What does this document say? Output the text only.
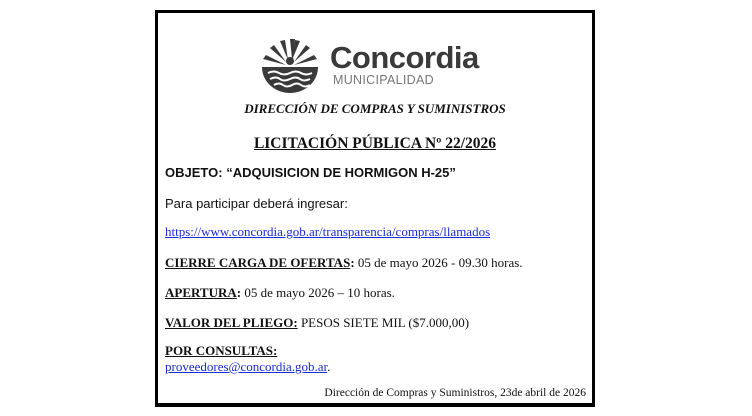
Concordia
MUNICIPALIDAD
DIRECCIÓN DE COMPRAS Y SUMINISTROS
LICITACIÓN PÚBLICA Nº 22/2026
OBJETO: “ADQUISICION DE HORMIGON H-25”
Para participar deberá ingresar:
https://www.concordia.gob.ar/transparencia/compras/llamados
CIERRE CARGA DE OFERTAS: 05 de mayo 2026 - 09.30 horas.
APERTURA: 05 de mayo 2026 – 10 horas.
VALOR DEL PLIEGO: PESOS SIETE MIL ($7.000,00)
POR CONSULTAS:
proveedores@concordia.gob.ar.
Dirección de Compras y Suministros, 23de abril de 2026
